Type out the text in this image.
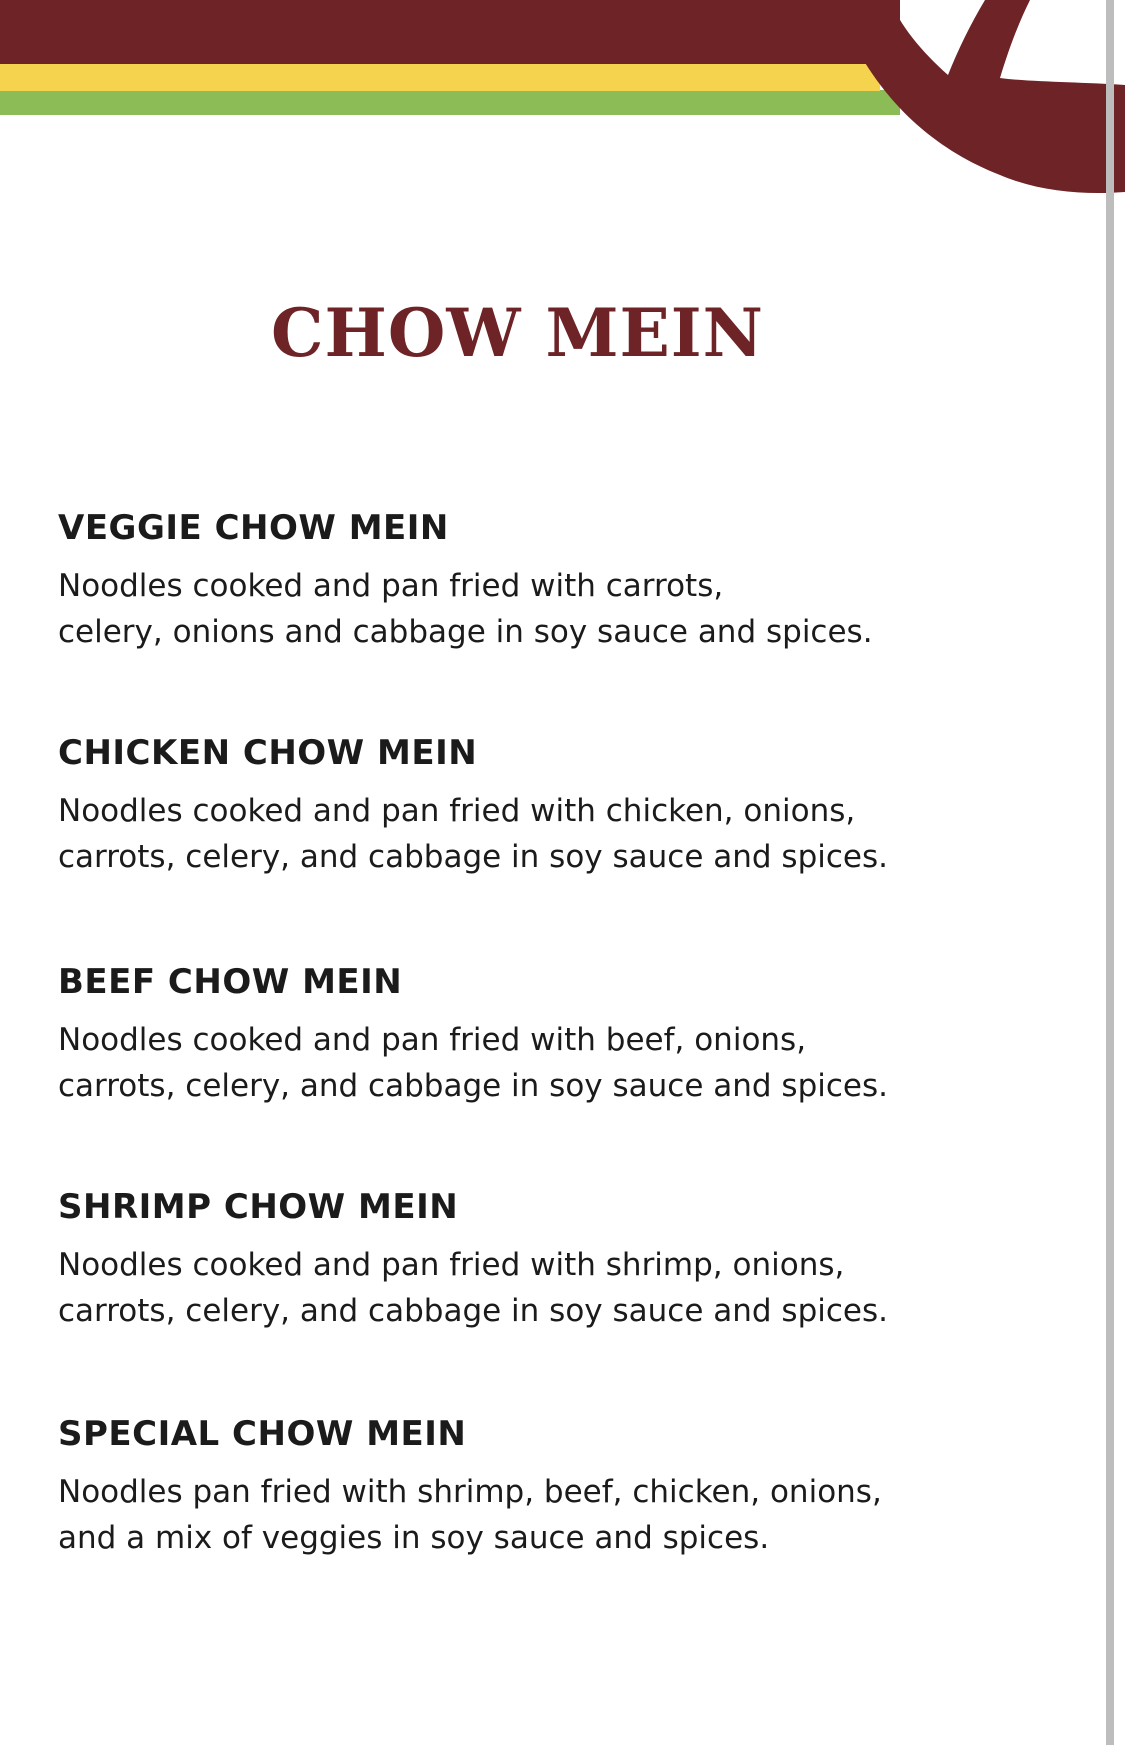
CHOW MEIN
VEGGIE CHOW MEIN

Noodles cooked and pan fried with carrots,
celery, onions and cabbage in soy sauce and spices.

CHICKEN CHOW MEIN

Noodles cooked and pan fried with chicken, onions,
carrots, celery, and cabbage in soy sauce and spices.

BEEF CHOW MEIN

Noodles cooked and pan fried with beef, onions,
carrots, celery, and cabbage in soy sauce and spices.

SHRIMP CHOW MEIN

Noodles cooked and pan fried with shrimp, onions,
carrots, celery, and cabbage in soy sauce and spices.

SPECIAL CHOW MEIN

Noodles pan fried with shrimp, beef, chicken, onions,
and a mix of veggies in soy sauce and spices.
